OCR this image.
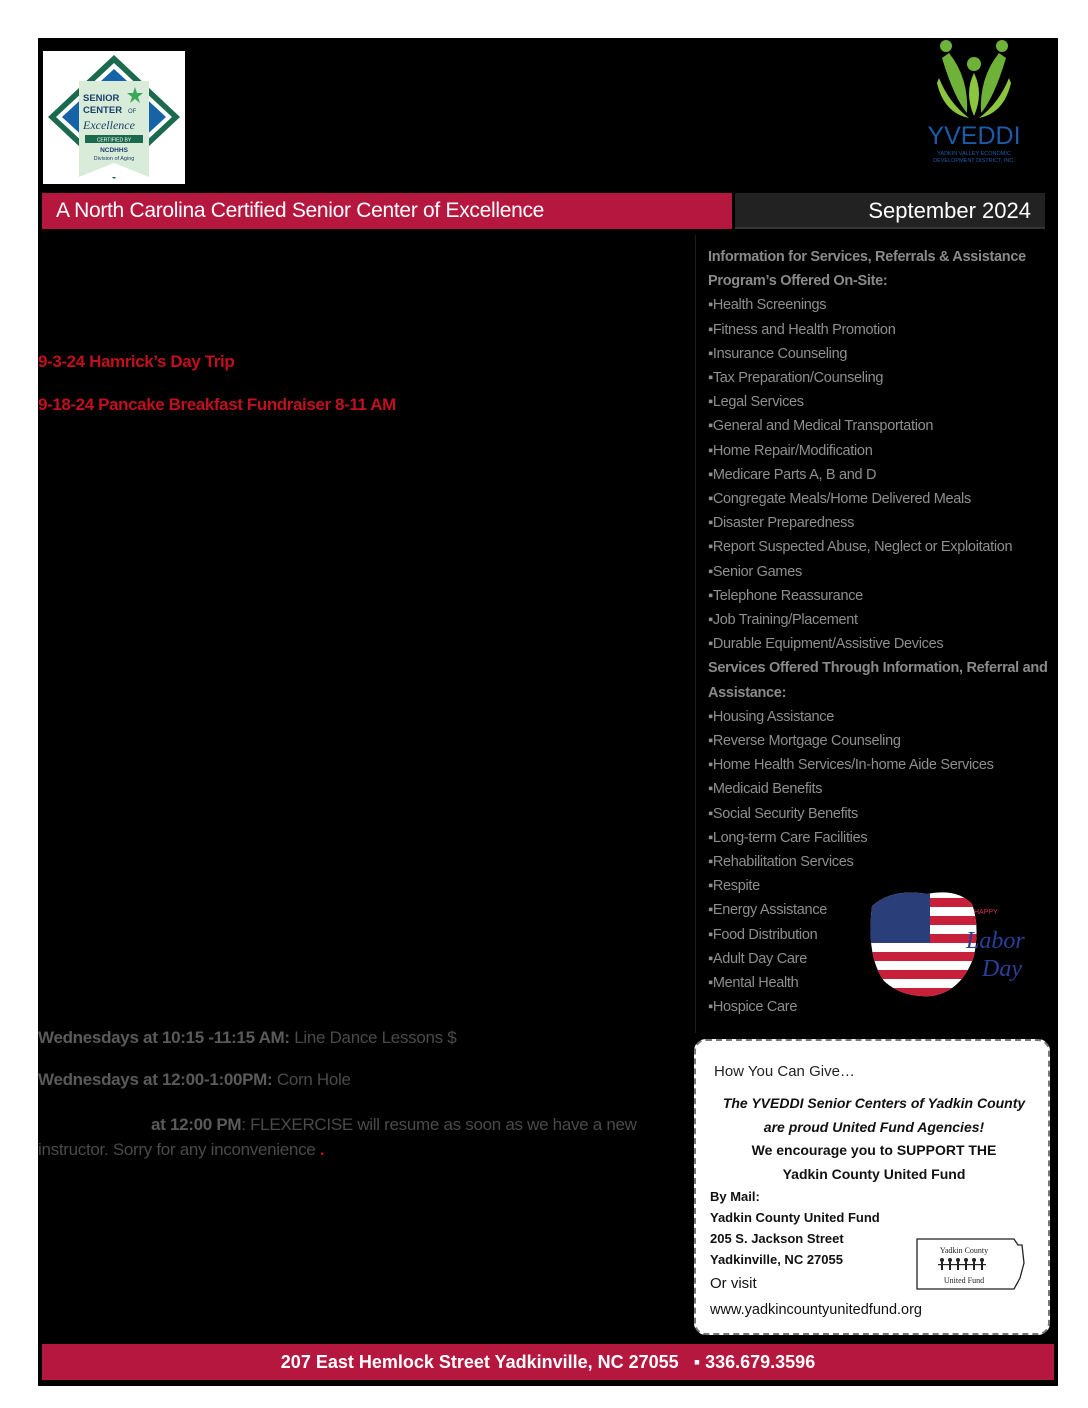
SENIOR
CENTER OF
Excellence
CERTIFIED BY
NCDHHS
Division of Aging
YVEDDI
YADKIN VALLEY ECONOMIC
DEVELOPMENT DISTRICT, INC.
A North Carolina Certified Senior Center of Excellence	September 2024
9-3-24 Hamrick’s Day Trip
9-18-24 Pancake Breakfast Fundraiser 8-11 AM
Information for Services, Referrals & Assistance
Program’s Offered On-Site:
▪ Health Screenings
▪ Fitness and Health Promotion
▪ Insurance Counseling
▪ Tax Preparation/Counseling
▪ Legal Services
▪ General and Medical Transportation
▪ Home Repair/Modification
▪ Medicare Parts A, B and D
▪ Congregate Meals/Home Delivered Meals
▪ Disaster Preparedness
▪ Report Suspected Abuse, Neglect or Exploitation
▪ Senior Games
▪ Telephone Reassurance
▪ Job Training/Placement
▪ Durable Equipment/Assistive Devices
Services Offered Through Information, Referral and Assistance:
▪ Housing Assistance
▪ Reverse Mortgage Counseling
▪ Home Health Services/In-home Aide Services
▪ Medicaid Benefits
▪ Social Security Benefits
▪ Long-term Care Facilities
▪ Rehabilitation Services
▪ Respite
▪ Energy Assistance
▪ Food Distribution
▪ Adult Day Care
▪ Mental Health
▪ Hospice Care
HAPPY
Labor
Day

Wednesdays at 10:15 -11:15 AM: Line Dance Lessons $

Wednesdays at 12:00-1:00PM: Corn Hole

at 12:00 PM: FLEXERCISE will resume as soon as we have a new instructor. Sorry for any inconvenience .

How You Can Give…
The YVEDDI Senior Centers of Yadkin County
are proud United Fund Agencies!
We encourage you to SUPPORT THE
Yadkin County United Fund
By Mail:
Yadkin County United Fund
205 S. Jackson Street
Yadkinville, NC 27055
Or visit
www.yadkincountyunitedfund.org
Yadkin County
United Fund
207 East Hemlock Street Yadkinville, NC 27055   ▪ 336.679.3596
